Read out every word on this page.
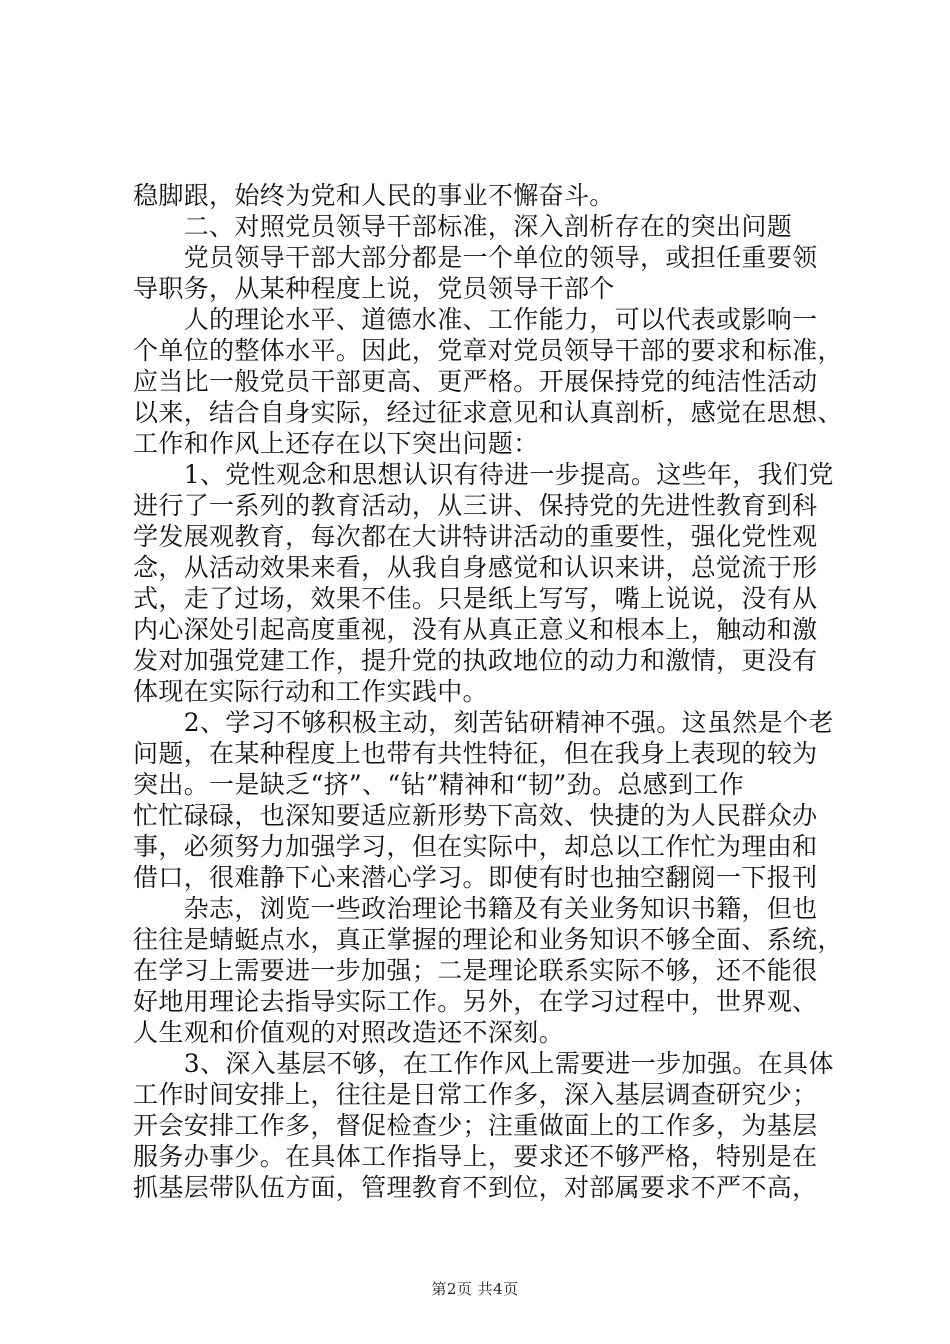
稳脚跟，始终为党和人民的事业不懈奋斗。
　　二、对照党员领导干部标准，深入剖析存在的突出问题
　　党员领导干部大部分都是一个单位的领导，或担任重要领
导职务，从某种程度上说，党员领导干部个
　　人的理论水平、道德水准、工作能力，可以代表或影响一
个单位的整体水平。因此，党章对党员领导干部的要求和标准，
应当比一般党员干部更高、更严格。开展保持党的纯洁性活动
以来，结合自身实际，经过征求意见和认真剖析，感觉在思想、
工作和作风上还存在以下突出问题：
　　1、党性观念和思想认识有待进一步提高。这些年，我们党
进行了一系列的教育活动，从三讲、保持党的先进性教育到科
学发展观教育，每次都在大讲特讲活动的重要性，强化党性观
念，从活动效果来看，从我自身感觉和认识来讲，总觉流于形
式，走了过场，效果不佳。只是纸上写写，嘴上说说，没有从
内心深处引起高度重视，没有从真正意义和根本上，触动和激
发对加强党建工作，提升党的执政地位的动力和激情，更没有
体现在实际行动和工作实践中。
　　2、学习不够积极主动，刻苦钻研精神不强。这虽然是个老
问题，在某种程度上也带有共性特征，但在我身上表现的较为
突出。一是缺乏“挤”、“钻”精神和“韧”劲。总感到工作
忙忙碌碌，也深知要适应新形势下高效、快捷的为人民群众办
事，必须努力加强学习，但在实际中，却总以工作忙为理由和
借口，很难静下心来潜心学习。即使有时也抽空翻阅一下报刊
　　杂志，浏览一些政治理论书籍及有关业务知识书籍，但也
往往是蜻蜓点水，真正掌握的理论和业务知识不够全面、系统，
在学习上需要进一步加强；二是理论联系实际不够，还不能很
好地用理论去指导实际工作。另外，在学习过程中，世界观、
人生观和价值观的对照改造还不深刻。
　　3、深入基层不够，在工作作风上需要进一步加强。在具体
工作时间安排上，往往是日常工作多，深入基层调查研究少；
开会安排工作多，督促检查少；注重做面上的工作多，为基层
服务办事少。在具体工作指导上，要求还不够严格，特别是在
抓基层带队伍方面，管理教育不到位，对部属要求不严不高，
第2页 共4页
